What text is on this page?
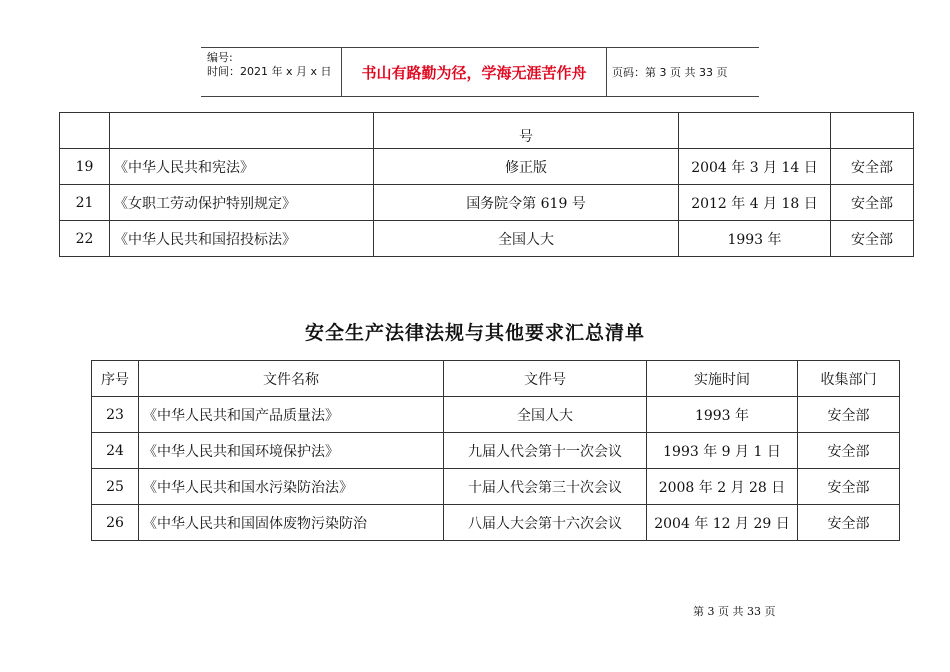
编号:
时间：2021 年 x 月 x 日	书山有路勤为径，学海无涯苦作舟	页码：第 3 页 共 33 页
		号		
19	《中华人民共和宪法》	修正版	2004 年 3 月 14 日	安全部
21	《女职工劳动保护特别规定》	国务院令第 619 号	2012 年 4 月 18 日	安全部
22	《中华人民共和国招投标法》	全国人大	1993 年	安全部
安全生产法律法规与其他要求汇总清单
序号	文件名称	文件号	实施时间	收集部门
23	《中华人民共和国产品质量法》	全国人大	1993 年	安全部
24	《中华人民共和国环境保护法》	九届人代会第十一次会议	1993 年 9 月 1 日	安全部
25	《中华人民共和国水污染防治法》	十届人代会第三十次会议	2008 年 2 月 28 日	安全部
26	《中华人民共和国固体废物污染防治	八届人大会第十六次会议	2004 年 12 月 29 日	安全部
第 3 页 共 33 页
